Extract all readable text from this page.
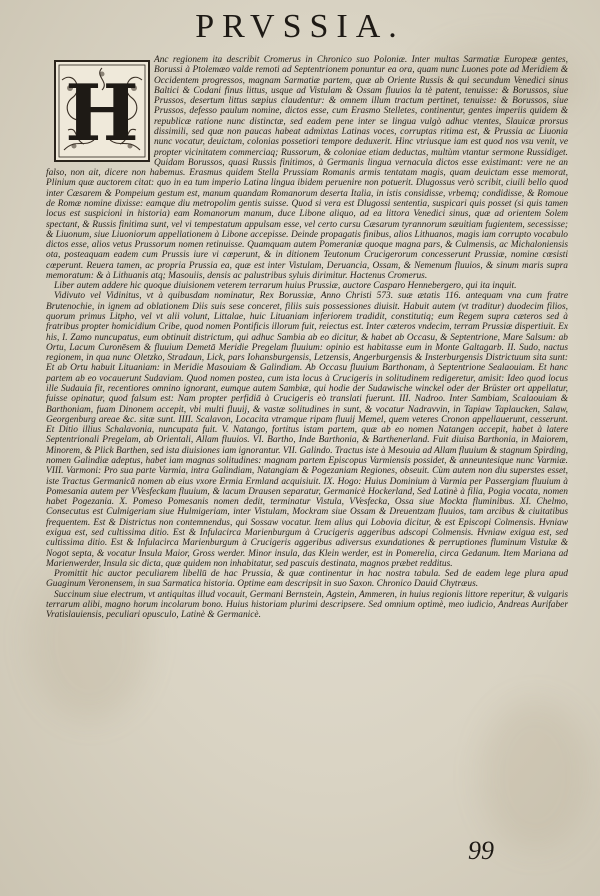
PRVSSIA.
H

Anc regionem ita describit Cromerus in Chronico suo Poloniæ. Inter multas Sarmatiæ Europeæ gentes, Borussi à Ptolemæo valde remoti ad Septentrionem ponuntur ea ora, quam nunc Luones pote ad Meridiem & Occidentem progressos, magnam Sarmatiæ partem, quæ ab Oriente Russis & qui secundum Venedici sinus Baltici & Codani finus littus, usque ad Vistulam & Ossam fluuios la tè patent, tenuisse: & Borussos, siue Prussos, desertum littus sæpius claudentur: & omnem illum tractum pertinet, tenuisse: & Borussos, siue Prussos, defesso paulum nomine, dictos esse, cum Erasmo Stelletes, continentur, gentes imperiis quidem & republicæ ratione nunc distinctæ, sed eadem pene inter se lingua vulgò adhuc vtentes, Slauicæ prorsus dissimili, sed quæ non paucas habeat admixtas Latinas voces, corruptas ritima est, & Prussia ac Liuonia nunc vocatur, deuictam, colonias possetiori tempore deduxerit. Hinc vtriusque iam est quod nos vsu venit, ve propter vicinitatem commerciaq; Russorum, & coloniae etiam deductas, multùm vtantur sermone Russidiget. Quidam Borussos, quasi Russis finitimos, à Germanis lingua vernacula dictos esse existimant: vere ne an falso, non ait, dicere non habemus. Erasmus quidem Stella Prussiam Romanis armis tentatam magis, quam deuictam esse memorat, Plinium quæ auctorem citat: quo in ea tum imperio Latina lingua ibidem peruenire non potuerit. Dlugossus verò scribit, ciuili bello quod inter Cæsarem & Pompeium gestum est, manum quandam Romanorum deserta Italia, in istis considisse, vrbemq; condidisse, & Romoue de Romæ nomine dixisse: eamque diu metropolim gentis suisse. Quod si vera est Dlugossi sententia, suspicari quis posset (si quis tamen locus est suspicioni in historia) eam Romanorum manum, duce Libone aliquo, ad ea littora Venedici sinus, quæ ad orientem Solem spectant, & Russis finitima sunt, vel vi tempestatum appulsam esse, vel certo cursu Cæsarum tyrannorum sæuitiam fugientem, secessisse; & Liuonum, siue Liuoniorum appellationem à Libone accepisse. Deinde propagatis finibus, alios Lithuanos, magis iam corrupto vocabulo dictos esse, alios vetus Prussorum nomen retinuisse. Quamquam autem Pomeraniæ quoque magna pars, & Culmensis, ac Michaloniensis ota, posteaquam eadem cum Prussis iure vi cœperunt, & in ditionem Teutonum Crucigerorum concesserunt Prussiæ, nomine cœsisti cœperunt. Reuera tamen, ac propria Prussia ea, quæ est inter Vistulam, Deruancia, Ossam, & Nemenum fluuios, & sinum maris supra memoratum: & à Lithuanis atq; Masouiis, densis ac palustribus syluis dirimitur. Hactenus Cromerus.

Liber autem addere hic quoque diuisionem veterem terrarum huius Prussiæ, auctore Casparo Hennebergero, qui ita inquit.

Vidivuto vel Vidinitus, vt à quibusdam nominatur, Rex Borussiæ, Anno Christi 573. suæ ætatis 116. antequam vna cum fratre Brutenochie, in ignem ad oblationem Diis suis sese conceret, filiis suis possessiones diuisit. Habuit autem (vt traditur) duodecim filios, quorum primus Litpho, vel vt alii volunt, Littalae, huic Lituaniam inferiorem tradidit, constitutiq; eum Regem supra cæteros sed à fratribus propter homicidium Cribe, quod nomen Pontificis illorum fuit, reiectus est. Inter cæteros vndecim, terram Prussiæ dispertiuit. Ex his, I. Zamo nuncupatus, eum obtinuit districtum, qui adhuc Sambia ab eo dicitur, & habet ab Occasu, & Septentrione, Mare Salsum: ab Ortu, Lacum Curonēsem & fluuium Demetā Meridie Pregelam fluuium: opinio est habitasse eum in Monte Galtagarb. II. Sudo, nactus regionem, in qua nunc Oletzko, Stradaun, Lick, pars Iohansburgensis, Letzensis, Angerburgensis & Insterburgensis Districtuum sita sunt: Et ab Ortu habuit Lituaniam: in Meridie Masouiam & Galindiam. Ab Occasu fluuium Barthonam, à Septentrione Sealaouiam. Et hanc partem ab eo vocauerunt Sudaviam. Quod nomen postea, cum ista locus à Crucigeris in solitudinem redigeretur, amisit: Ideo quod locus ille Sudauia fit, recentiores omnino ignorant, eumque autem Sambiæ, qui hodie der Sudawische winckel oder der Brüster ort appellatur, fuisse opinatur, quod falsum est: Nam propter perfidiā à Crucigeris eò translati fuerunt. III. Nadroo. Inter Sambiam, Scalaouiam & Barthoniam, fuam Dinonem accepit, vbi multi fluuij, & vastæ solitudines in sunt, & vocatur Nadravvin, in Tapiaw Taplaucken, Salaw, Georgenburg areae &c. sitæ sunt. IIII. Scalavon, Locacita vtramque ripam fluuij Memel, quem veteres Cronon appellauerunt, cesserunt. Et Ditio illius Schalavonia, nuncupata fuit. V. Natango, fortitus istam partem, quæ ab eo nomen Natangen accepit, habet à latere Septentrionali Pregelam, ab Orientali, Allam fluuios. VI. Bartho, Inde Barthonia, & Barthenerland. Fuit diuisa Barthonia, in Maiorem, Minorem, & Plick Barthen, sed ista diuisiones iam ignorantur. VII. Galindo. Tractus iste à Mesouia ad Allam fluuium & stagnum Spirding, nomen Galindiæ adeptus, habet iam magnas solitudines: magnam partem Episcopus Varmiensis possidet, & anneuntesique nunc Varmiæ. VIII. Varmoni: Pro sua parte Varmia, intra Galindiam, Natangiam & Pogezaniam Regiones, obseuit. Cùm autem non diu superstes esset, iste Tractus Germanicā nomen ab eius vxore Ermia Ermland acquisiuit. IX. Hogo: Huius Dominium à Varmia per Passergiam fluuium à Pomesania autem per VVesfeckam fluuium, & lacum Drausen separatur, Germanicè Hockerland, Sed Latinè à filia, Pogia vocata, nomen habet Pogezania. X. Pomeso Pomesanis nomen dedit, terminatur Vistula, VVesfecka, Ossa siue Mockta fluminibus. XI. Chelmo, Consecutus est Culmigeriam siue Hulmigeriam, inter Vistulam, Mockram siue Ossam & Dreuentzam fluuios, tam arcibus & ciuitatibus frequentem. Est & Districtus non contemnendus, qui Sossaw vocatur. Item alius qui Lobovia dicitur, & est Episcopi Colmensis. Hvniaw exigua est, sed cultissima ditio. Est & Infulacirca Marienburgum à Crucigeris aggeribus adscopi Colmensis. Hvniaw exigua est, sed cultissima ditio. Est & Infulacirca Marienburgum à Crucigeris aggeribus adiversus exundationes & perruptiones fluminum Vistulæ & Nogot septa, & vocatur Insula Maior, Gross werder. Minor insula, das Klein werder, est in Pomerelia, circa Gedanum. Item Mariana ad Marienwerder, Insula sic dicta, quæ quidem non inhabitatur, sed pascuis destinata, magnos præbet redditus.

Promittit hic auctor peculiarem libellū de hac Prussia, & quæ continentur in hac nostra tabula. Sed de eadem lege plura apud Guaginum Veronensem, in sua Sarmatica historia. Optime eam descripsit in suo Saxon. Chronico Dauid Chytræus.

Succinum siue electrum, vt antiquitas illud vocauit, Germani Bernstein, Agstein, Ammeren, in huius regionis littore reperitur, & vulgaris terrarum alibi, magno horum incolarum bono. Huius historiam plurimi descripsere. Sed omnium optimè, meo iudicio, Andreas Aurifaber Vratislauiensis, peculiari opusculo, Latinè & Germanicè.

99
